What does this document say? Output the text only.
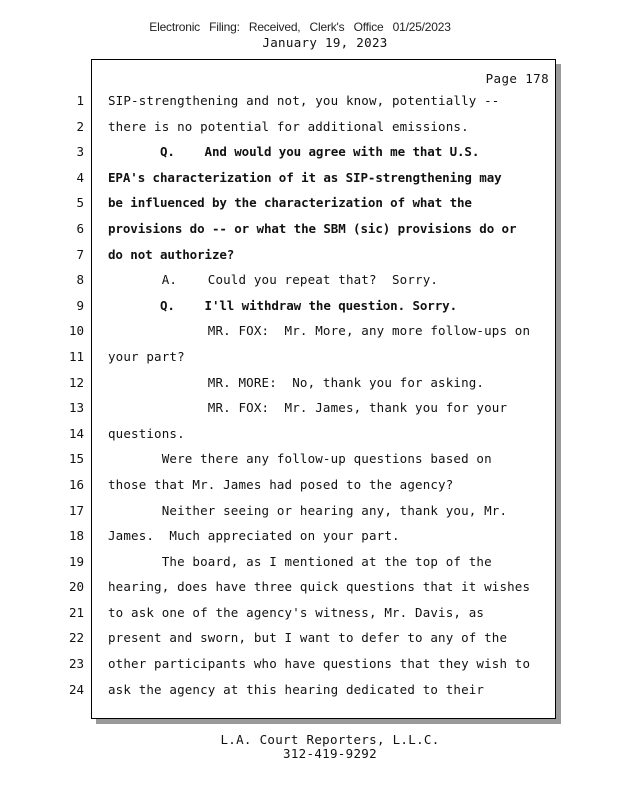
Electronic Filing: Received, Clerk's Office 01/25/2023
January 19, 2023
Page 178
1
2
3
4
5
6
7
8
9
10
11
12
13
14
15
16
17
18
19
20
21
22
23
24
SIP-strengthening and not, you know, potentially --
there is no potential for additional emissions.
Q.    And would you agree with me that U.S.
EPA's characterization of it as SIP-strengthening may
be influenced by the characterization of what the
provisions do -- or what the SBM (sic) provisions do or
do not authorize?
A.    Could you repeat that?  Sorry.
Q.    I'll withdraw the question. Sorry.
MR. FOX:  Mr. More, any more follow-ups on
your part?
MR. MORE:  No, thank you for asking.
MR. FOX:  Mr. James, thank you for your
questions.
Were there any follow-up questions based on
those that Mr. James had posed to the agency?
Neither seeing or hearing any, thank you, Mr.
James.  Much appreciated on your part.
The board, as I mentioned at the top of the
hearing, does have three quick questions that it wishes
to ask one of the agency's witness, Mr. Davis, as
present and sworn, but I want to defer to any of the
other participants who have questions that they wish to
ask the agency at this hearing dedicated to their
L.A. Court Reporters, L.L.C.
312-419-9292
